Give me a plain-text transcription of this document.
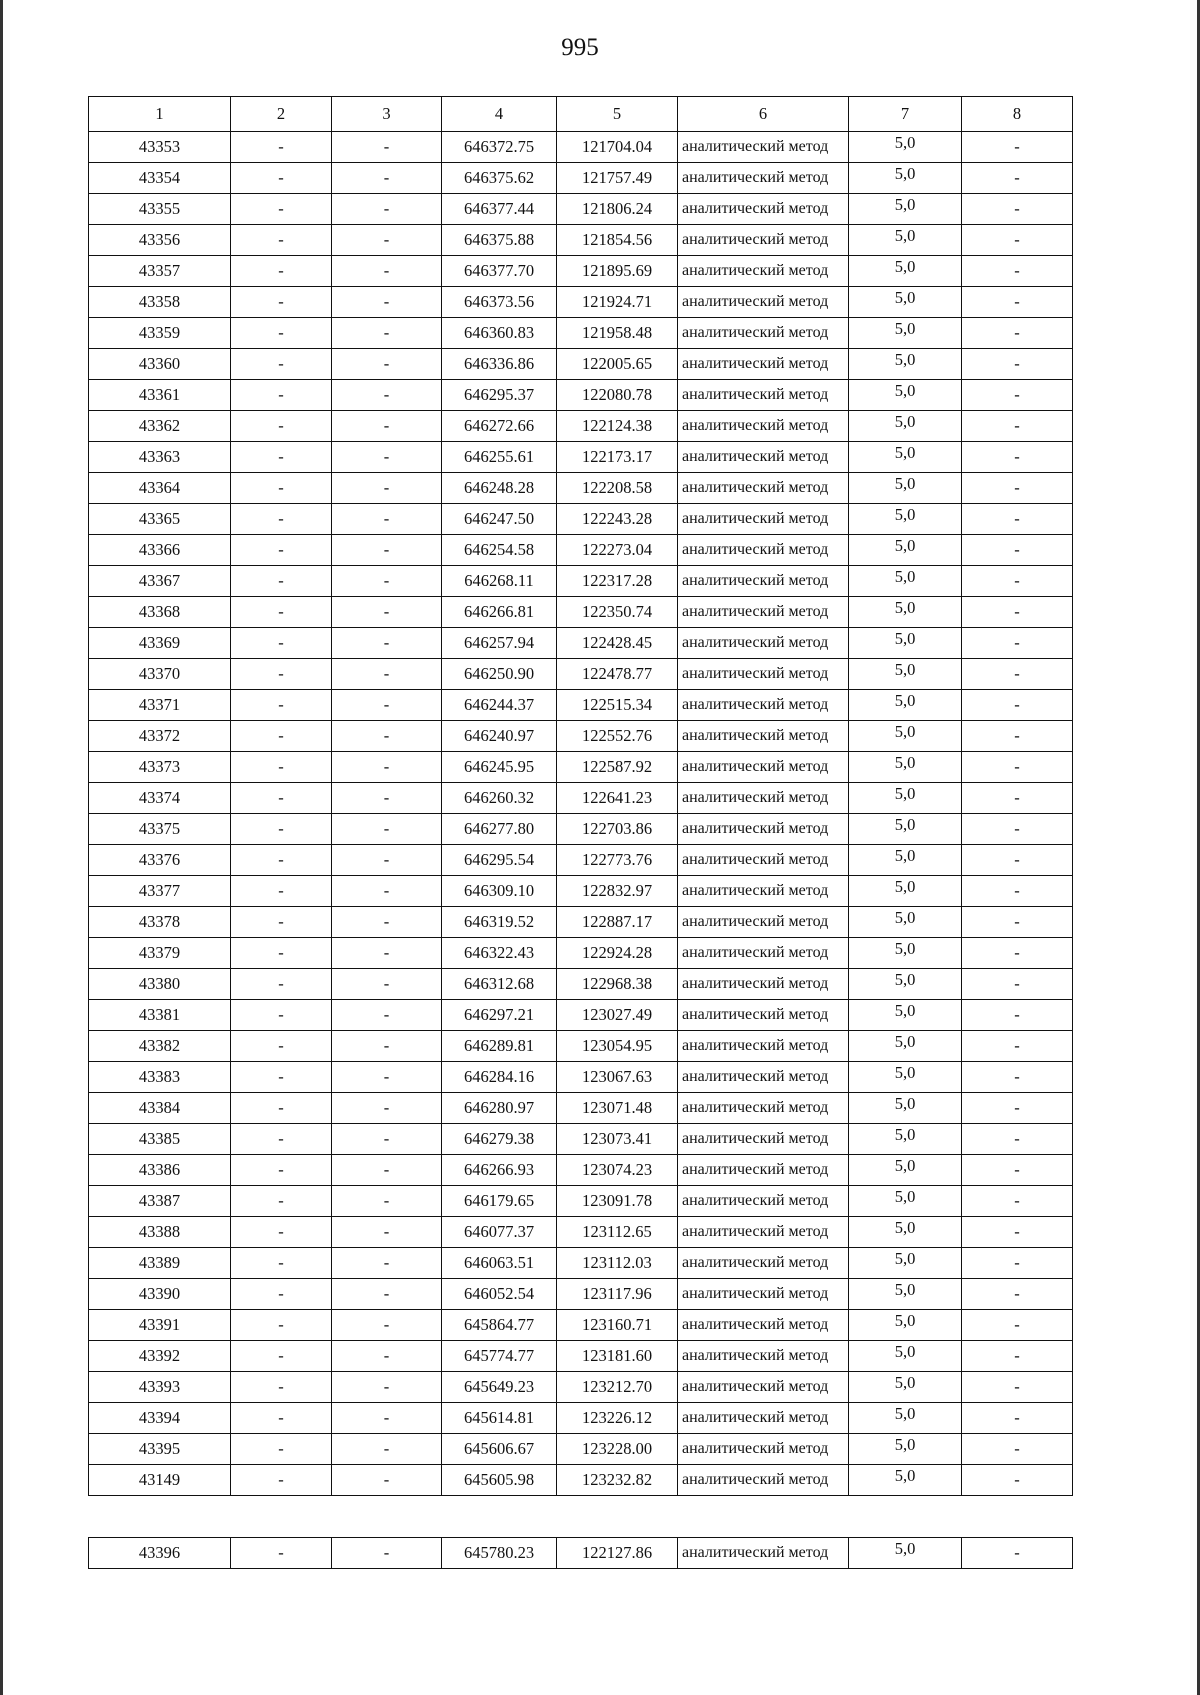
995
1	2	3	4	5	6	7	8
43353	-	-	646372.75	121704.04	аналитический метод	5,0	-
43354	-	-	646375.62	121757.49	аналитический метод	5,0	-
43355	-	-	646377.44	121806.24	аналитический метод	5,0	-
43356	-	-	646375.88	121854.56	аналитический метод	5,0	-
43357	-	-	646377.70	121895.69	аналитический метод	5,0	-
43358	-	-	646373.56	121924.71	аналитический метод	5,0	-
43359	-	-	646360.83	121958.48	аналитический метод	5,0	-
43360	-	-	646336.86	122005.65	аналитический метод	5,0	-
43361	-	-	646295.37	122080.78	аналитический метод	5,0	-
43362	-	-	646272.66	122124.38	аналитический метод	5,0	-
43363	-	-	646255.61	122173.17	аналитический метод	5,0	-
43364	-	-	646248.28	122208.58	аналитический метод	5,0	-
43365	-	-	646247.50	122243.28	аналитический метод	5,0	-
43366	-	-	646254.58	122273.04	аналитический метод	5,0	-
43367	-	-	646268.11	122317.28	аналитический метод	5,0	-
43368	-	-	646266.81	122350.74	аналитический метод	5,0	-
43369	-	-	646257.94	122428.45	аналитический метод	5,0	-
43370	-	-	646250.90	122478.77	аналитический метод	5,0	-
43371	-	-	646244.37	122515.34	аналитический метод	5,0	-
43372	-	-	646240.97	122552.76	аналитический метод	5,0	-
43373	-	-	646245.95	122587.92	аналитический метод	5,0	-
43374	-	-	646260.32	122641.23	аналитический метод	5,0	-
43375	-	-	646277.80	122703.86	аналитический метод	5,0	-
43376	-	-	646295.54	122773.76	аналитический метод	5,0	-
43377	-	-	646309.10	122832.97	аналитический метод	5,0	-
43378	-	-	646319.52	122887.17	аналитический метод	5,0	-
43379	-	-	646322.43	122924.28	аналитический метод	5,0	-
43380	-	-	646312.68	122968.38	аналитический метод	5,0	-
43381	-	-	646297.21	123027.49	аналитический метод	5,0	-
43382	-	-	646289.81	123054.95	аналитический метод	5,0	-
43383	-	-	646284.16	123067.63	аналитический метод	5,0	-
43384	-	-	646280.97	123071.48	аналитический метод	5,0	-
43385	-	-	646279.38	123073.41	аналитический метод	5,0	-
43386	-	-	646266.93	123074.23	аналитический метод	5,0	-
43387	-	-	646179.65	123091.78	аналитический метод	5,0	-
43388	-	-	646077.37	123112.65	аналитический метод	5,0	-
43389	-	-	646063.51	123112.03	аналитический метод	5,0	-
43390	-	-	646052.54	123117.96	аналитический метод	5,0	-
43391	-	-	645864.77	123160.71	аналитический метод	5,0	-
43392	-	-	645774.77	123181.60	аналитический метод	5,0	-
43393	-	-	645649.23	123212.70	аналитический метод	5,0	-
43394	-	-	645614.81	123226.12	аналитический метод	5,0	-
43395	-	-	645606.67	123228.00	аналитический метод	5,0	-
43149	-	-	645605.98	123232.82	аналитический метод	5,0	-
43396	-	-	645780.23	122127.86	аналитический метод	5,0	-
